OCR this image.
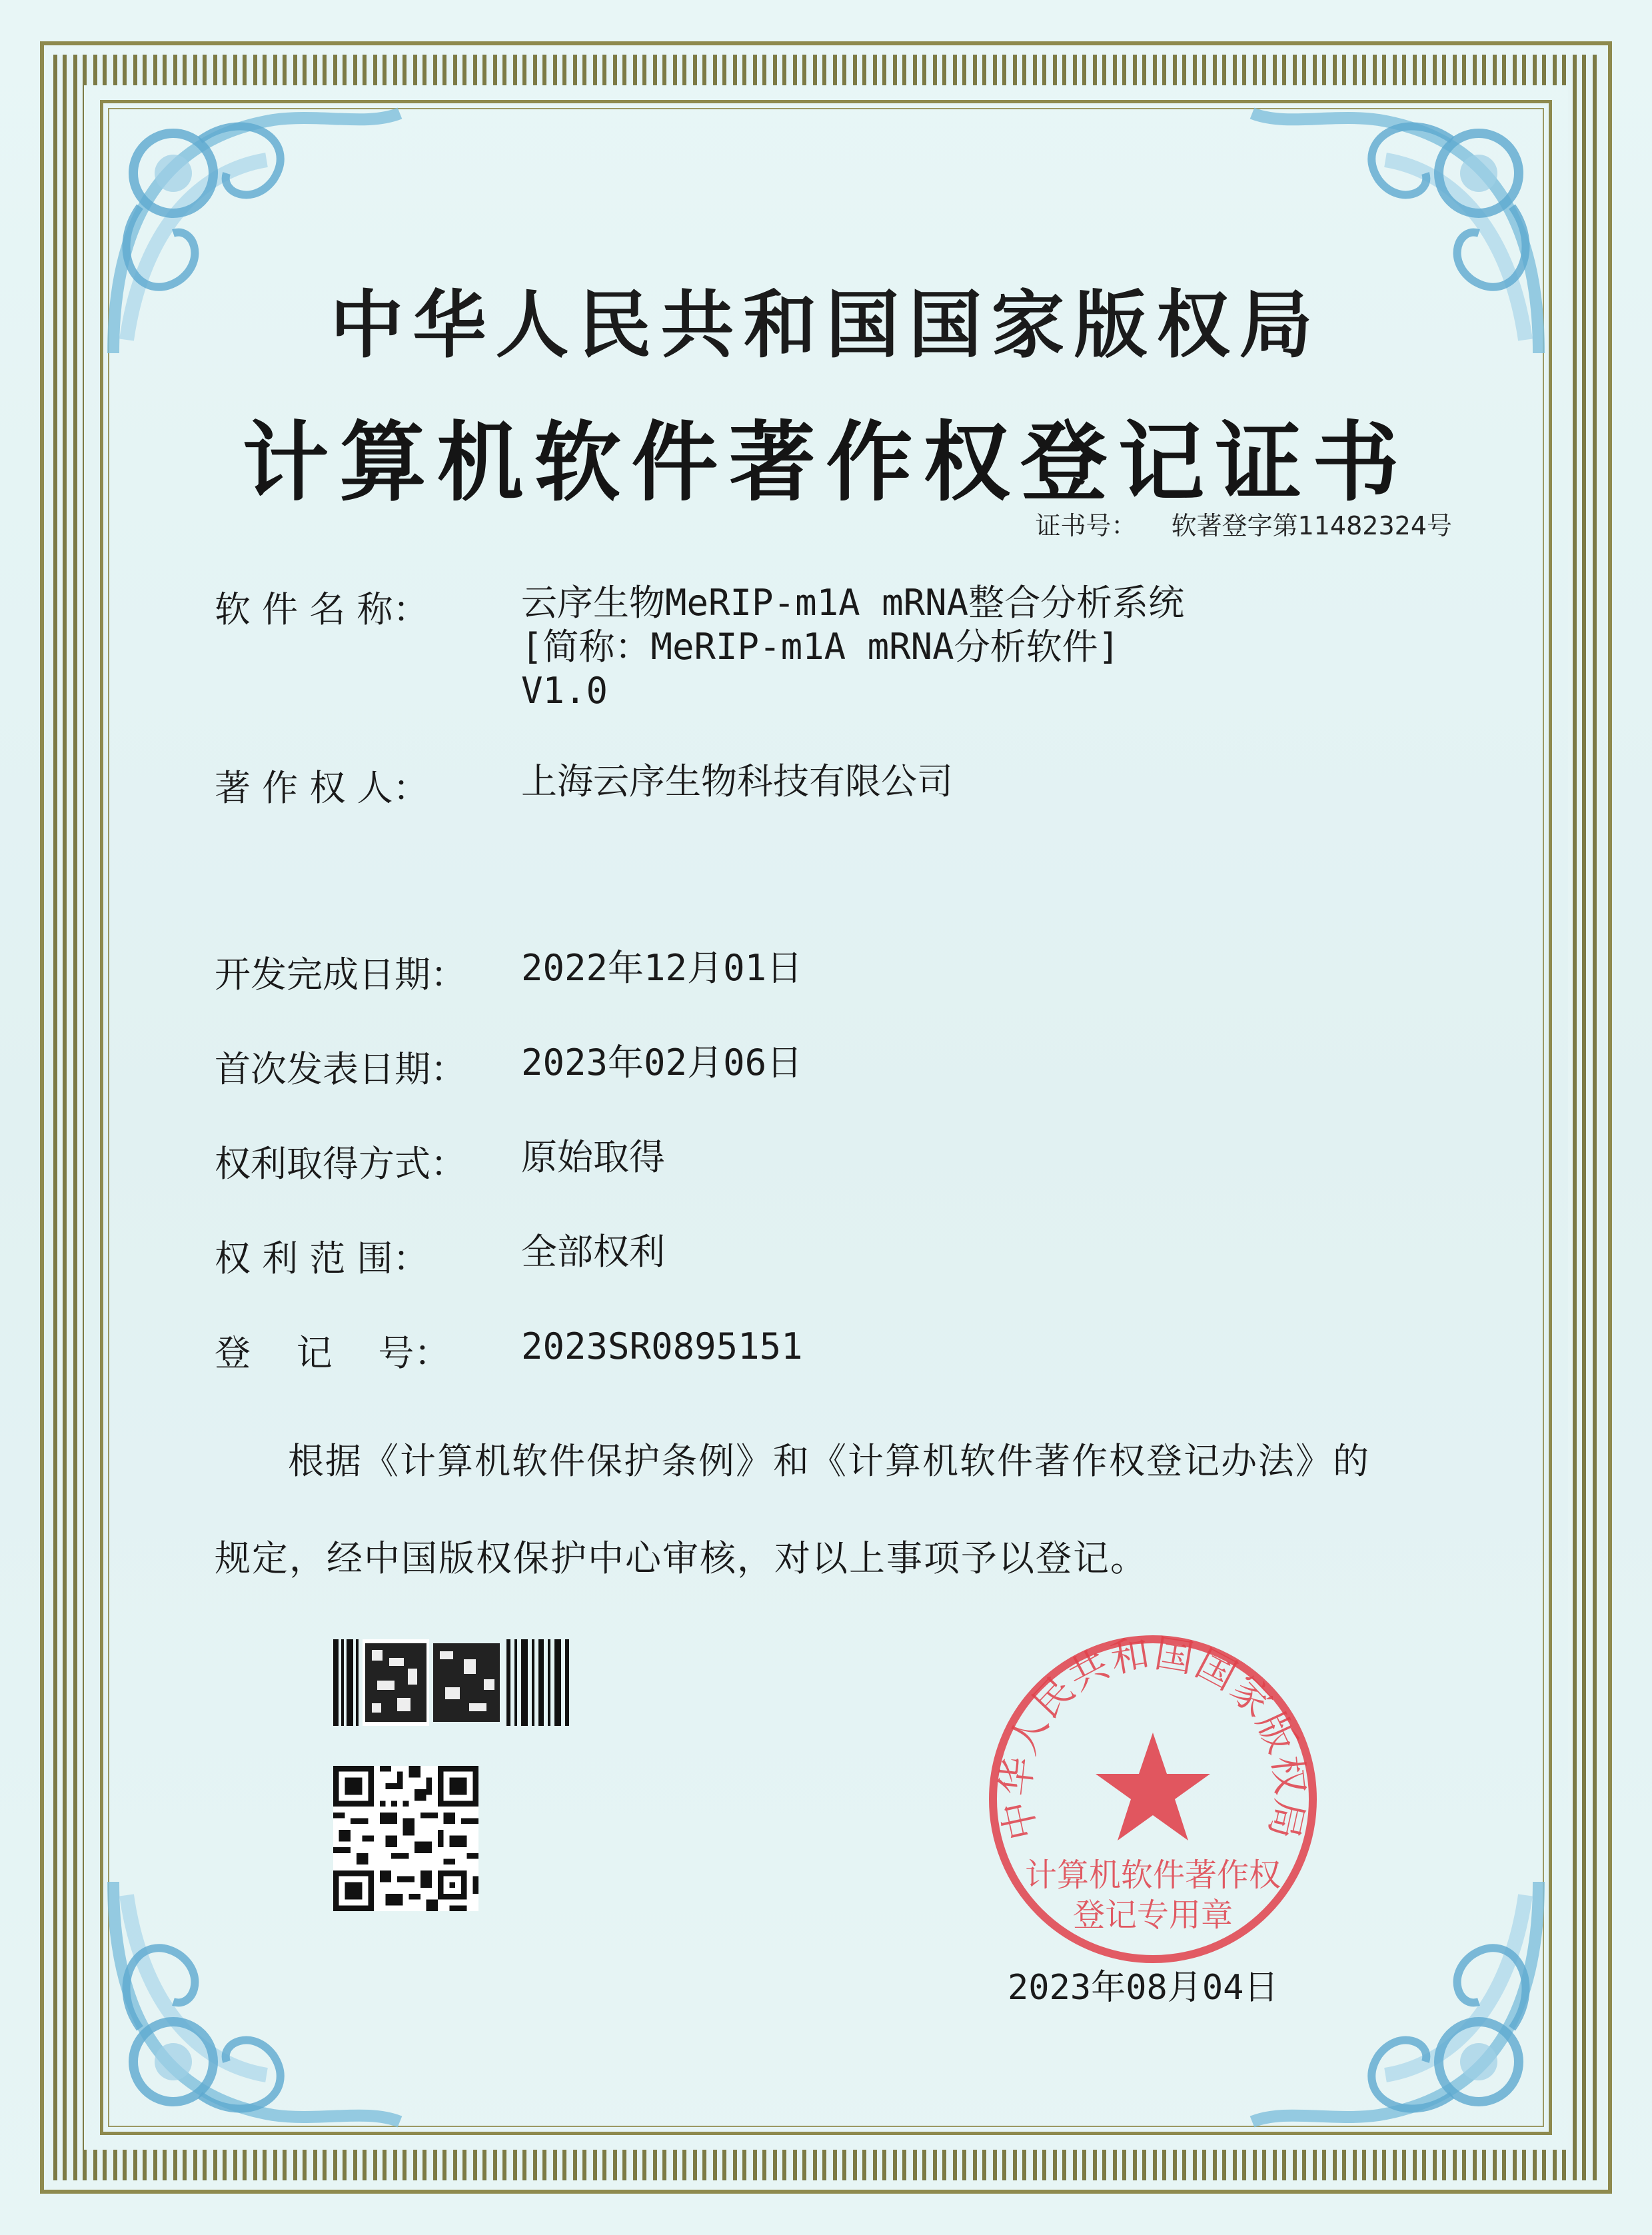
中华人民共和国国家版权局
计算机软件著作权登记证书
证书号： 软著登字第11482324号
软 件 名 称：	云序生物MeRIP-m1A mRNA整合分析系统
[简称：MeRIP-m1A mRNA分析软件]
V1.0
著 作 权 人：	上海云序生物科技有限公司
开发完成日期：	2022年12月01日
首次发表日期：	2023年02月06日
权利取得方式：	原始取得
权 利 范 围：	全部权利
登    记    号：	2023SR0895151
根据《计算机软件保护条例》和《计算机软件著作权登记办法》的
规定，经中国版权保护中心审核，对以上事项予以登记。
中华人民共和国国家版权局
计算机软件著作权
登记专用章
2023年08月04日
